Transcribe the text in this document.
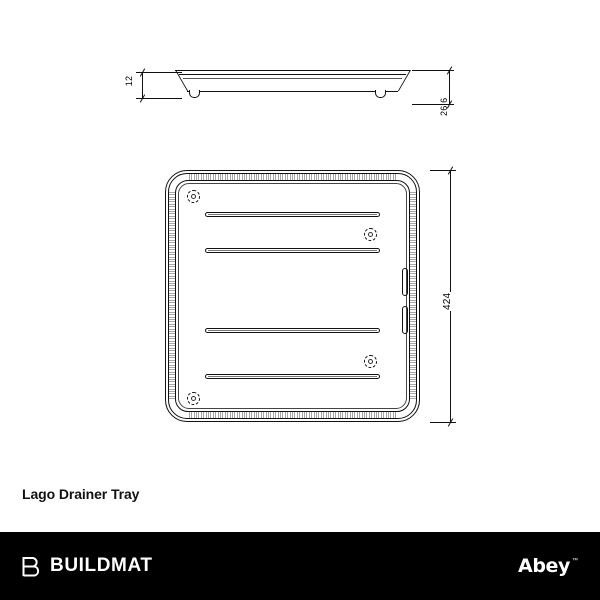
12
26.6
424
Lago Drainer Tray
BUILDMAT	Abey ™
